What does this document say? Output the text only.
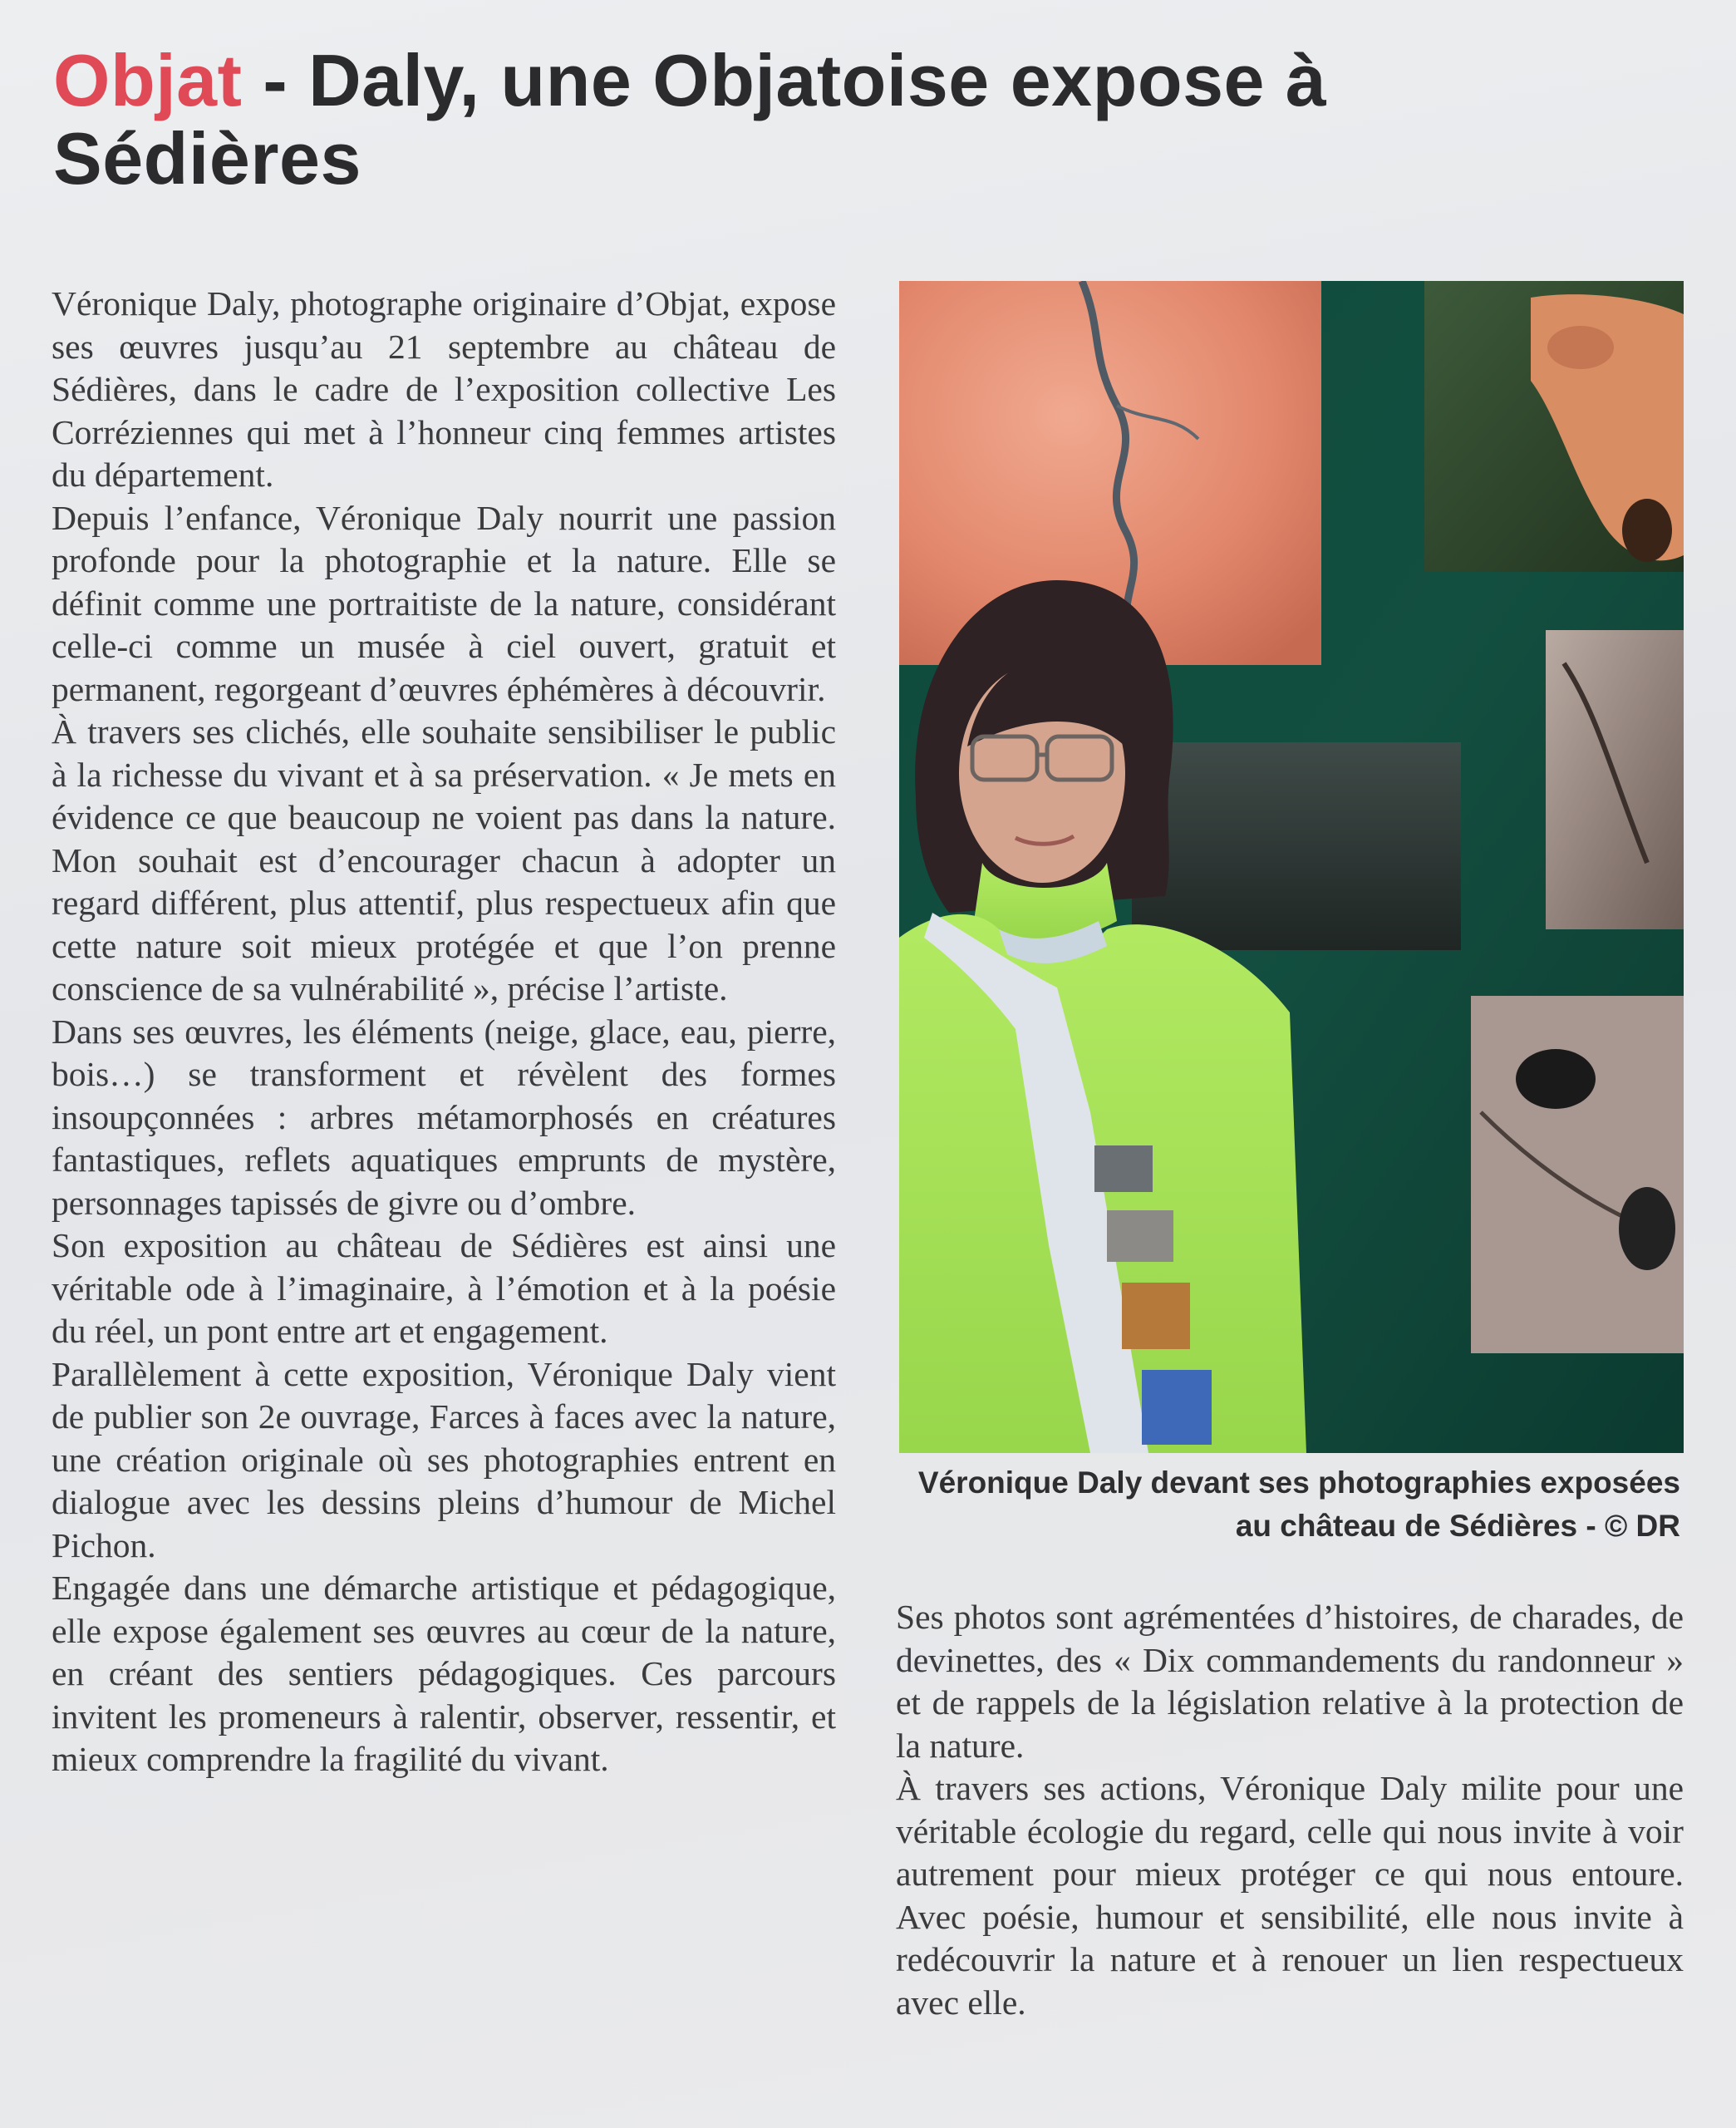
Objat - Daly, une Objatoise expose à Sédières

Véronique Daly, photographe originaire d’Objat, expose ses œuvres jusqu’au 21 septembre au château de Sédières, dans le cadre de l’exposition collective Les Corréziennes qui met à l’honneur cinq femmes artistes du département.

Depuis l’enfance, Véronique Daly nourrit une passion profonde pour la photographie et la nature. Elle se définit comme une portraitiste de la nature, considérant celle-ci comme un musée à ciel ouvert, gratuit et permanent, regorgeant d’œuvres éphémères à découvrir.

À travers ses clichés, elle souhaite sensibiliser le public à la richesse du vivant et à sa préservation. « Je mets en évidence ce que beaucoup ne voient pas dans la nature. Mon souhait est d’encourager chacun à adopter un regard différent, plus attentif, plus respectueux afin que cette nature soit mieux protégée et que l’on prenne conscience de sa vulnérabilité », précise l’artiste.

Dans ses œuvres, les éléments (neige, glace, eau, pierre, bois…) se transforment et révèlent des formes insoupçonnées : arbres métamorphosés en créatures fantastiques, reflets aquatiques emprunts de mystère, personnages tapissés de givre ou d’ombre.

Son exposition au château de Sédières est ainsi une véritable ode à l’imaginaire, à l’émotion et à la poésie du réel, un pont entre art et engagement.

Parallèlement à cette exposition, Véronique Daly vient de publier son 2e ouvrage, Farces à faces avec la nature, une création originale où ses photographies entrent en dialogue avec les dessins pleins d’humour de Michel Pichon.

Engagée dans une démarche artistique et pédagogique, elle expose également ses œuvres au cœur de la nature, en créant des sentiers pédagogiques. Ces parcours invitent les promeneurs à ralentir, observer, ressentir, et mieux comprendre la fragilité du vivant.

Véronique Daly devant ses photographies exposées au château de Sédières - © DR

Ses photos sont agrémentées d’histoires, de charades, de devinettes, des « Dix commandements du randonneur » et de rappels de la législation relative à la protection de la nature.

À travers ses actions, Véronique Daly milite pour une véritable écologie du regard, celle qui nous invite à voir autrement pour mieux protéger ce qui nous entoure. Avec poésie, humour et sensibilité, elle nous invite à redécouvrir la nature et à renouer un lien respectueux avec elle.
